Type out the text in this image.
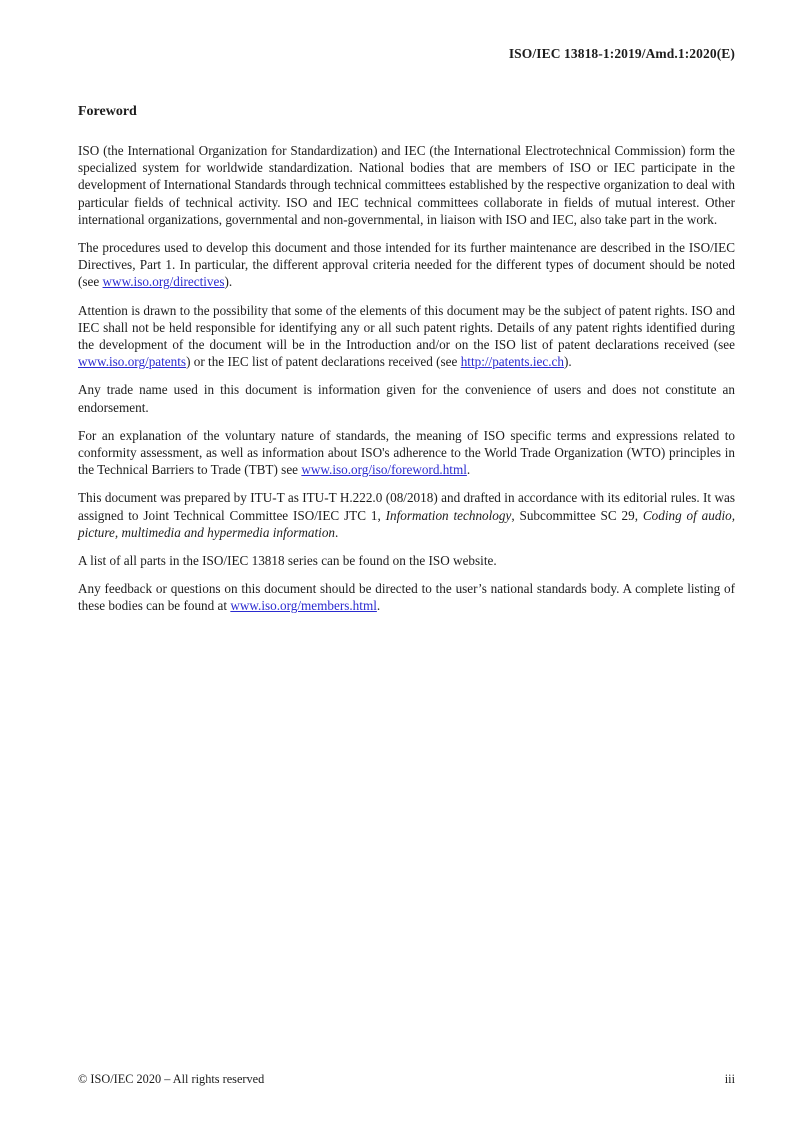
ISO/IEC 13818-1:2019/Amd.1:2020(E)
Foreword

ISO (the International Organization for Standardization) and IEC (the International Electrotechnical Commission) form the specialized system for worldwide standardization. National bodies that are members of ISO or IEC participate in the development of International Standards through technical committees established by the respective organization to deal with particular fields of technical activity. ISO and IEC technical committees collaborate in fields of mutual interest. Other international organizations, governmental and non-governmental, in liaison with ISO and IEC, also take part in the work.

The procedures used to develop this document and those intended for its further maintenance are described in the ISO/IEC Directives, Part 1. In particular, the different approval criteria needed for the different types of document should be noted (see www.iso.org/directives).

Attention is drawn to the possibility that some of the elements of this document may be the subject of patent rights. ISO and IEC shall not be held responsible for identifying any or all such patent rights. Details of any patent rights identified during the development of the document will be in the Introduction and/or on the ISO list of patent declarations received (see www.iso.org/patents) or the IEC list of patent declarations received (see http://patents.iec.ch).

Any trade name used in this document is information given for the convenience of users and does not constitute an endorsement.

For an explanation of the voluntary nature of standards, the meaning of ISO specific terms and expressions related to conformity assessment, as well as information about ISO's adherence to the World Trade Organization (WTO) principles in the Technical Barriers to Trade (TBT) see www.iso.org/iso/foreword.html.

This document was prepared by ITU-T as ITU-T H.222.0 (08/2018) and drafted in accordance with its editorial rules. It was assigned to Joint Technical Committee ISO/IEC JTC 1, Information technology, Subcommittee SC 29, Coding of audio, picture, multimedia and hypermedia information.

A list of all parts in the ISO/IEC 13818 series can be found on the ISO website.

Any feedback or questions on this document should be directed to the user’s national standards body. A complete listing of these bodies can be found at www.iso.org/members.html.

© ISO/IEC 2020 – All rights reserved	iii
